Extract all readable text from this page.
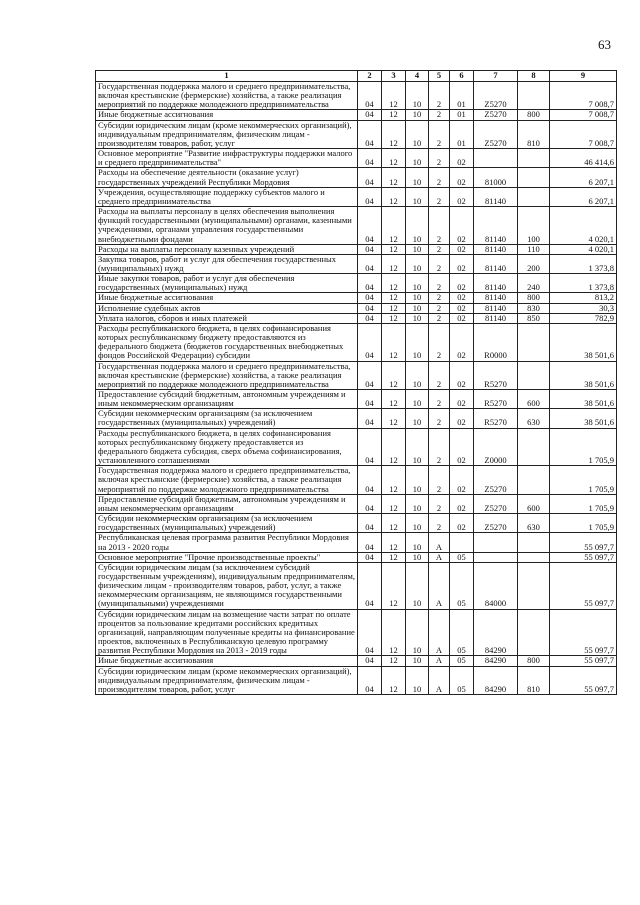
63
1	2	3	4	5	6	7	8	9
Государственная поддержка малого и среднего предпринимательства, включая крестьянские (фермерские) хозяйства, а также реализация мероприятий по поддержке молодежного предпринимательства	04	12	10	2	01	Z5270		7 008,7
Иные бюджетные ассигнования	04	12	10	2	01	Z5270	800	7 008,7
Субсидии юридическим лицам (кроме некоммерческих организаций), индивидуальным предпринимателям, физическим лицам - производителям товаров, работ, услуг	04	12	10	2	01	Z5270	810	7 008,7
Основное мероприятие "Развитие инфраструктуры поддержки малого и среднего предпринимательства"	04	12	10	2	02			46 414,6
Расходы на обеспечение деятельности (оказание услуг) государственных учреждений Республики Мордовия	04	12	10	2	02	81000		6 207,1
Учреждения, осуществляющие поддержку субъектов малого и среднего предпринимательства	04	12	10	2	02	81140		6 207,1
Расходы на выплаты персоналу в целях обеспечения выполнения функций государственными (муниципальными) органами, казенными учреждениями, органами управления государственными внебюджетными фондами	04	12	10	2	02	81140	100	4 020,1
Расходы на выплаты персоналу казенных учреждений	04	12	10	2	02	81140	110	4 020,1
Закупка товаров, работ и услуг для обеспечения государственных (муниципальных) нужд	04	12	10	2	02	81140	200	1 373,8
Иные закупки товаров, работ и услуг для обеспечения государственных (муниципальных) нужд	04	12	10	2	02	81140	240	1 373,8
Иные бюджетные ассигнования	04	12	10	2	02	81140	800	813,2
Исполнение судебных актов	04	12	10	2	02	81140	830	30,3
Уплата налогов, сборов и иных платежей	04	12	10	2	02	81140	850	782,9
Расходы республиканского бюджета, в целях софинансирования которых республиканскому бюджету предоставляются из федерального бюджета (бюджетов государственных внебюджетных фондов Российской Федерации) субсидии	04	12	10	2	02	R0000		38 501,6
Государственная поддержка малого и среднего предпринимательства, включая крестьянские (фермерские) хозяйства, а также реализация мероприятий по поддержке молодежного предпринимательства	04	12	10	2	02	R5270		38 501,6
Предоставление субсидий бюджетным, автономным учреждениям и иным некоммерческим организациям	04	12	10	2	02	R5270	600	38 501,6
Субсидии некоммерческим организациям (за исключением государственных (муниципальных) учреждений)	04	12	10	2	02	R5270	630	38 501,6
Расходы республиканского бюджета, в целях софинансирования которых республиканскому бюджету предоставляется из федерального бюджета субсидия, сверх объема софинансирования, установленного соглашениями	04	12	10	2	02	Z0000		1 705,9
Государственная поддержка малого и среднего предпринимательства, включая крестьянские (фермерские) хозяйства, а также реализация мероприятий по поддержке молодежного предпринимательства	04	12	10	2	02	Z5270		1 705,9
Предоставление субсидий бюджетным, автономным учреждениям и иным некоммерческим организациям	04	12	10	2	02	Z5270	600	1 705,9
Субсидии некоммерческим организациям (за исключением государственных (муниципальных) учреждений)	04	12	10	2	02	Z5270	630	1 705,9
Республиканская целевая программа развития Республики Мордовия на 2013 - 2020 годы	04	12	10	А				55 097,7
Основное мероприятие "Прочие производственные проекты"	04	12	10	А	05			55 097,7
Субсидии юридическим лицам (за исключением субсидий государственным учреждениям), индивидуальным предпринимателям, физическим лицам - производителям товаров, работ, услуг, а также некоммерческим организациям, не являющимся государственными (муниципальными) учреждениями	04	12	10	А	05	84000		55 097,7
Субсидии юридическим лицам на возмещение части затрат по оплате процентов за пользование кредитами российских кредитных организаций, направляющим полученные кредиты на финансирование проектов, включенных в Республиканскую целевую программу развития Республики Мордовия на 2013 - 2019 годы	04	12	10	А	05	84290		55 097,7
Иные бюджетные ассигнования	04	12	10	А	05	84290	800	55 097,7
Субсидии юридическим лицам (кроме некоммерческих организаций), индивидуальным предпринимателям, физическим лицам - производителям товаров, работ, услуг	04	12	10	А	05	84290	810	55 097,7
